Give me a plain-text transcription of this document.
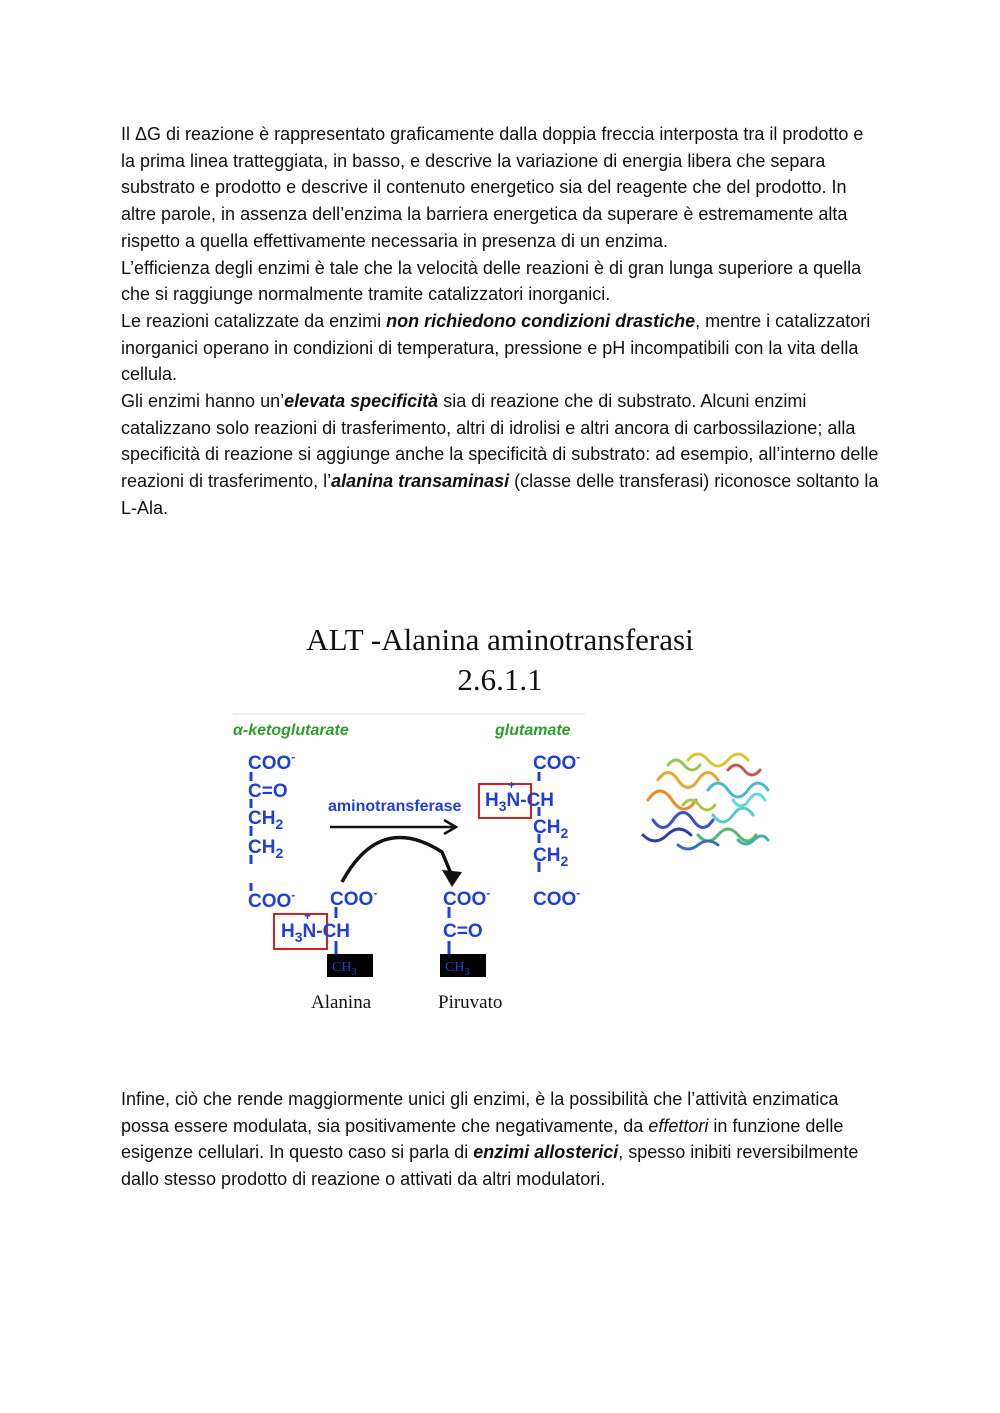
Il ΔG di reazione è rappresentato graficamente dalla doppia freccia interposta tra il prodotto e la prima linea tratteggiata, in basso, e descrive la variazione di energia libera che separa substrato e prodotto e descrive il contenuto energetico sia del reagente che del prodotto. In altre parole, in assenza dell’enzima la barriera energetica da superare è estremamente alta rispetto a quella effettivamente necessaria in presenza di un enzima.
L’efficienza degli enzimi è tale che la velocità delle reazioni è di gran lunga superiore a quella che si raggiunge normalmente tramite catalizzatori inorganici.
Le reazioni catalizzate da enzimi non richiedono condizioni drastiche, mentre i catalizzatori inorganici operano in condizioni di temperatura, pressione e pH incompatibili con la vita della cellula.
Gli enzimi hanno un’elevata specificità sia di reazione che di substrato. Alcuni enzimi catalizzano solo reazioni di trasferimento, altri di idrolisi e altri ancora di carbossilazione; alla specificità di reazione si aggiunge anche la specificità di substrato: ad esempio, all’interno delle reazioni di trasferimento, l’alanina transaminasi (classe delle transferasi) riconosce soltanto la L-Ala.

ALT -Alanina aminotransferasi
2.6.1.1

α-ketoglutarate	glutamate
COO-
C=O
$CH_2$
$CH_2$
COO-
aminotransferase $H_3N-CH$
+
COO-
$CH_2$
$CH_2$
COO-
COO-
$H_3N-CH$
+
$CH_3$
COO-
C=O
$CH_3$
Alanina	Piruvato

Infine, ciò che rende maggiormente unici gli enzimi, è la possibilità che l’attività enzimatica possa essere modulata, sia positivamente che negativamente, da effettori in funzione delle esigenze cellulari. In questo caso si parla di enzimi allosterici, spesso inibiti reversibilmente dallo stesso prodotto di reazione o attivati da altri modulatori.
